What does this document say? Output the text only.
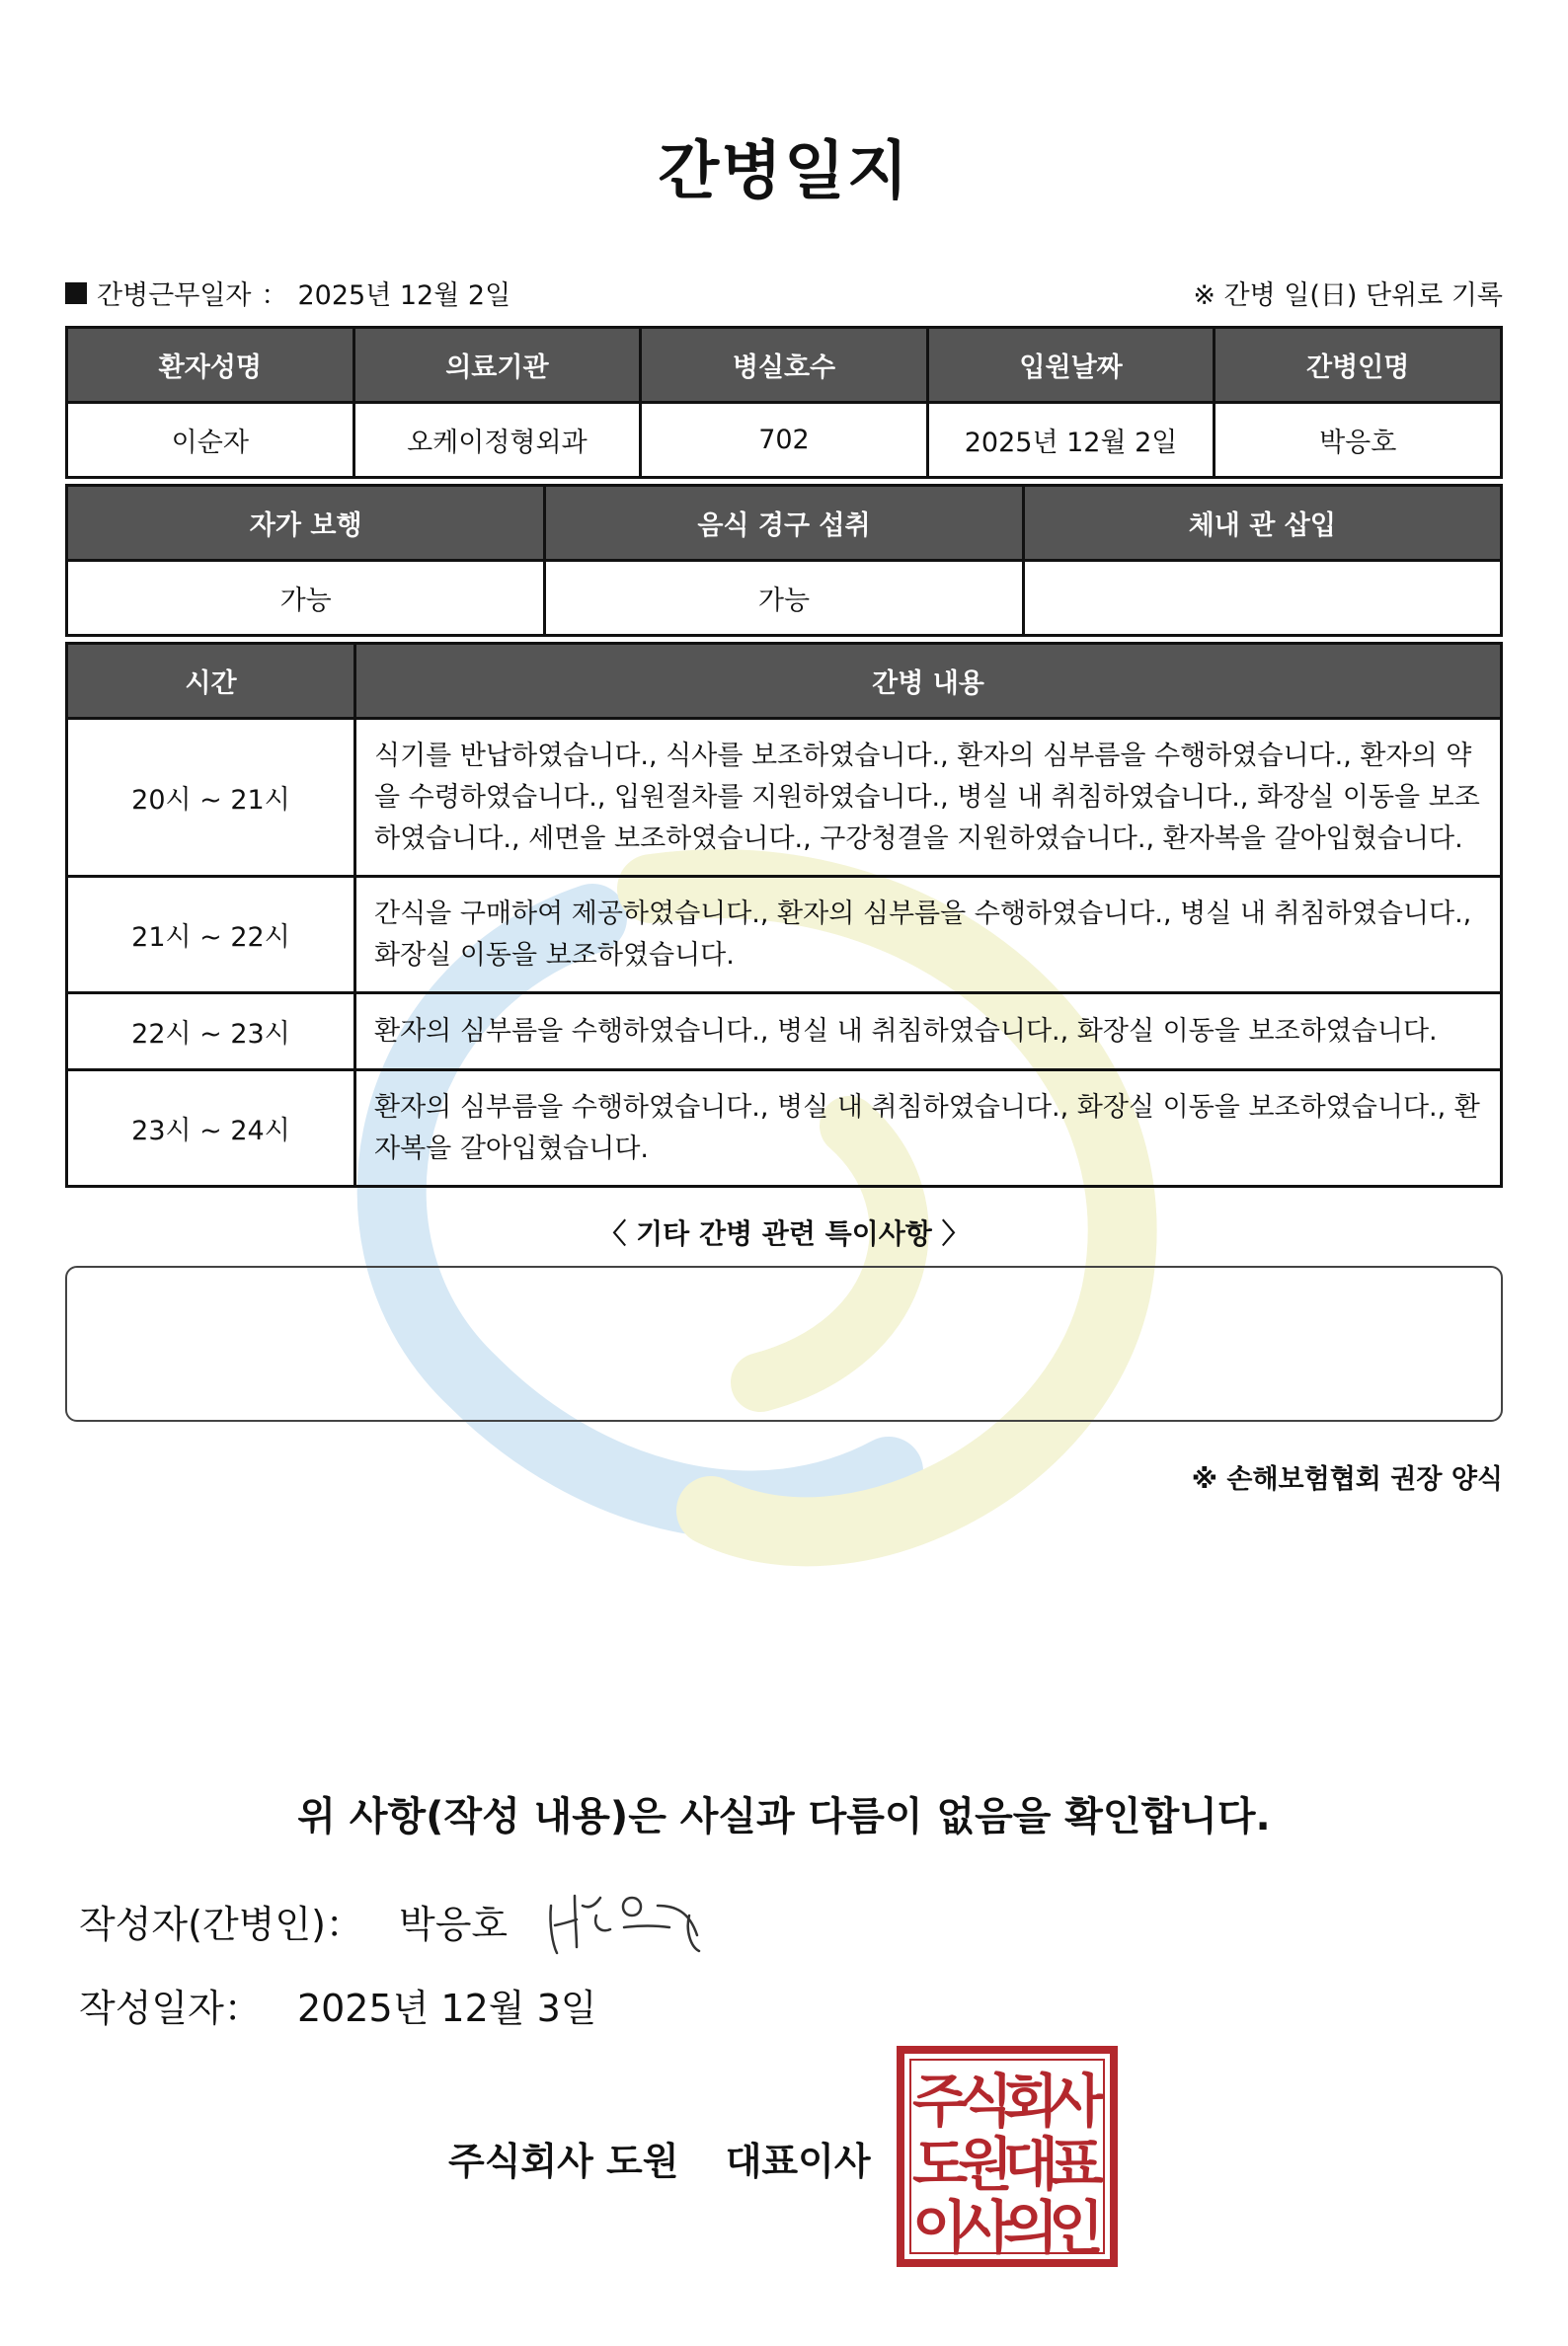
간병일지
간병근무일자 ： 2025년 12월 2일	※ 간병 일(日) 단위로 기록
환자성명	의료기관	병실호수	입원날짜	간병인명
이순자	오케이정형외과	702	2025년 12월 2일	박응호
자가 보행	음식 경구 섭취	체내 관 삽입
가능	가능	
시간	간병 내용
20시 ~ 21시	식기를 반납하였습니다., 식사를 보조하였습니다., 환자의 심부름을 수행하였습니다., 환자의 약을 수령하였습니다., 입원절차를 지원하였습니다., 병실 내 취침하였습니다., 화장실 이동을 보조하였습니다., 세면을 보조하였습니다., 구강청결을 지원하였습니다., 환자복을 갈아입혔습니다.
21시 ~ 22시	간식을 구매하여 제공하였습니다., 환자의 심부름을 수행하였습니다., 병실 내 취침하였습니다., 화장실 이동을 보조하였습니다.
22시 ~ 23시	환자의 심부름을 수행하였습니다., 병실 내 취침하였습니다., 화장실 이동을 보조하였습니다.
23시 ~ 24시	환자의 심부름을 수행하였습니다., 병실 내 취침하였습니다., 화장실 이동을 보조하였습니다., 환자복을 갈아입혔습니다.
〈 기타 간병 관련 특이사항 〉
※ 손해보험협회 권장 양식
위 사항(작성 내용)은 사실과 다름이 없음을 확인합니다.
작성자(간병인)： 박응호
작성일자： 2025년 12월 3일
주식회사 도원 대표이사
주
식
회
사
도
원
대
표
이
사
의
인
